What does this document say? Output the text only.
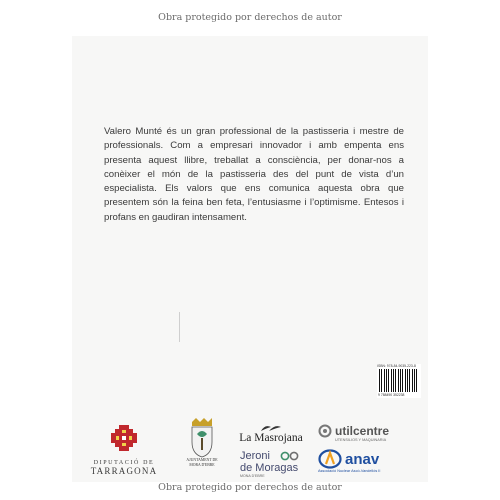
Obra protegido por derechos de autor

Valero Munté és un gran professional de la pastisseria i mestre de professionals. Com a empresari innovador i amb empenta ens presenta aquest llibre, treballat a consciència, per donar-nos a conèixer el món de la pastisseria des del punt de vista d’un especialista. Els valors que ens comunica aquesta obra que presentem són la feina ben feta, l’entusiasme i l’optimisme. Entesos i profans en gaudiran intensament.

ISBN: 978-84-9035-223-8
9 788490 352238
DIPUTACIÓ DE
TARRAGONA
AJUNTAMENT DE
MORA D'EBRE
La Masrojana
Jeroni
de Moragas
MONA D'EBRE
utilcentre
UTENSILIOS Y MAQUINARIA
anav
Associació Nuclear Ascó-Vandellòs II
Obra protegido por derechos de autor
